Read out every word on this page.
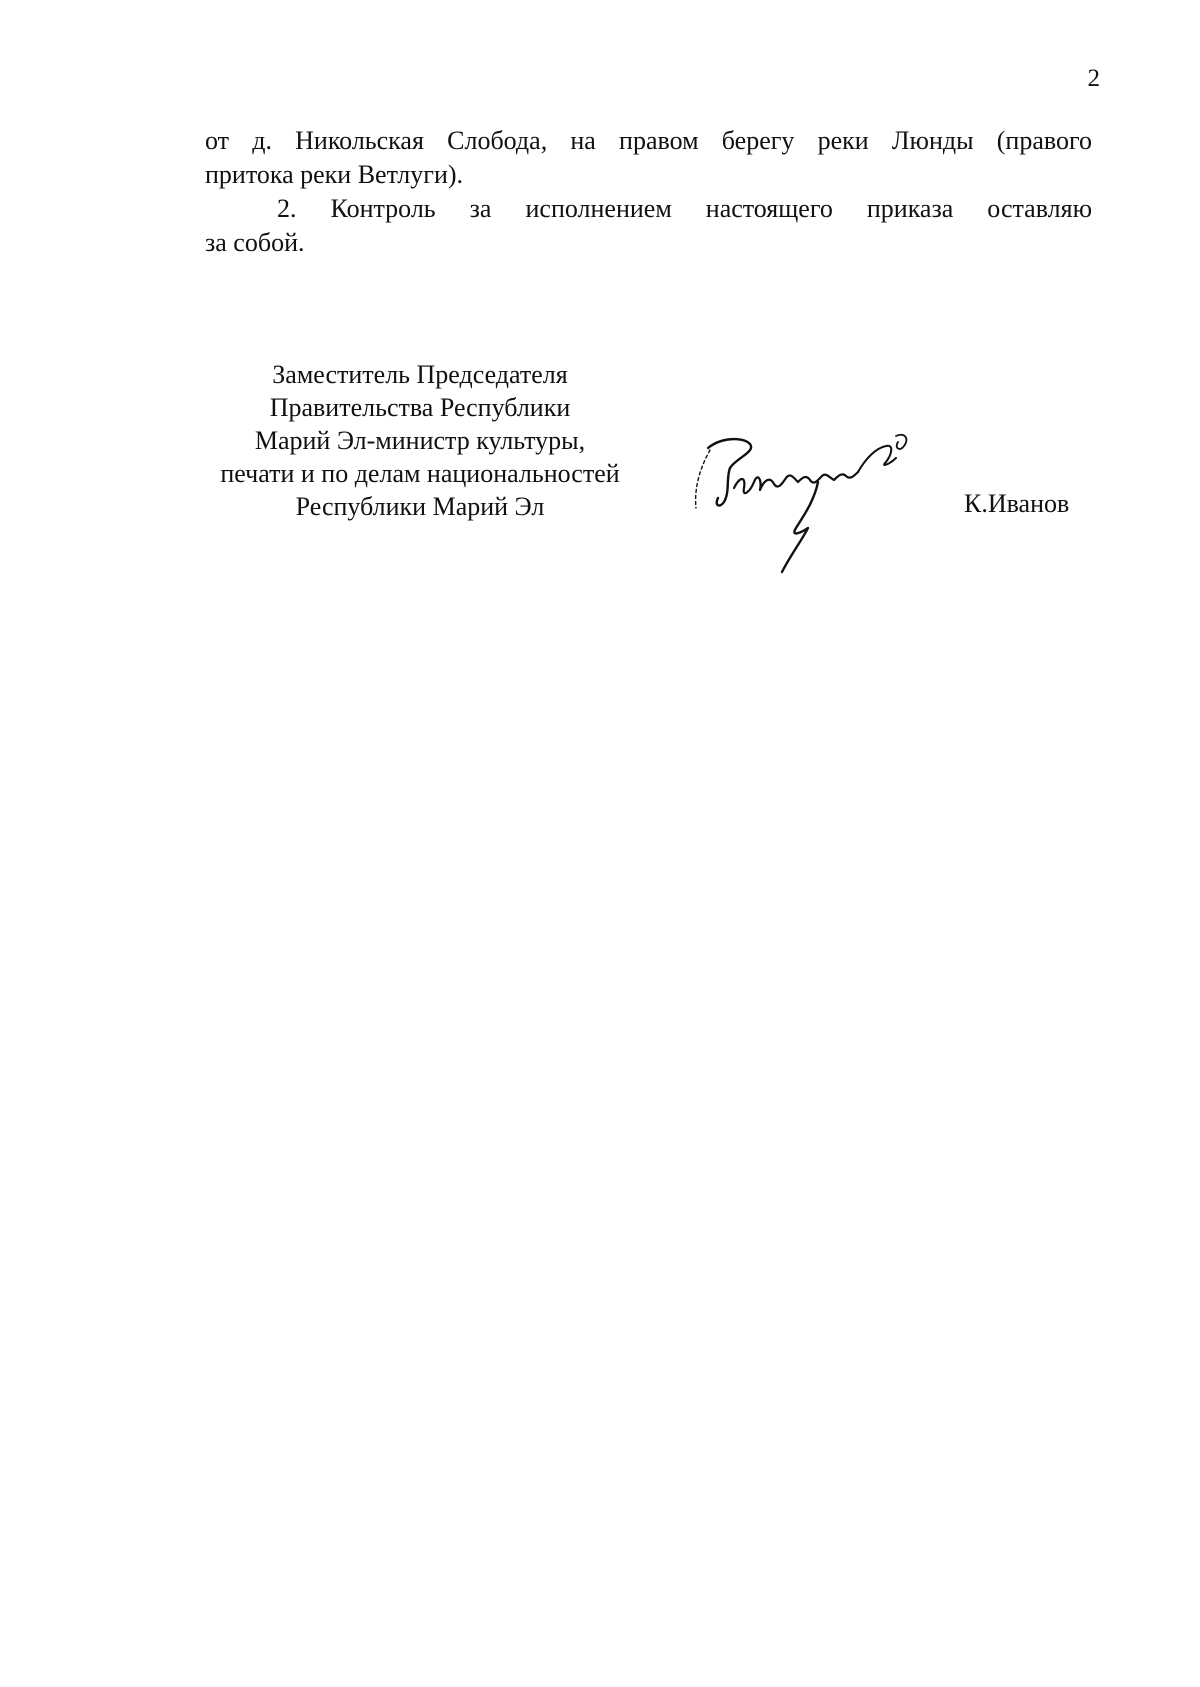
2

от д. Никольская Слобода, на правом берегу реки Люнды (правого

притока реки Ветлуги).

2. Контроль за исполнением настоящего приказа оставляю

за собой.

Заместитель Председателя
Правительства Республики
Марий Эл-министр культуры,
печати и по делам национальностей
Республики Марий Эл	К.Иванов
